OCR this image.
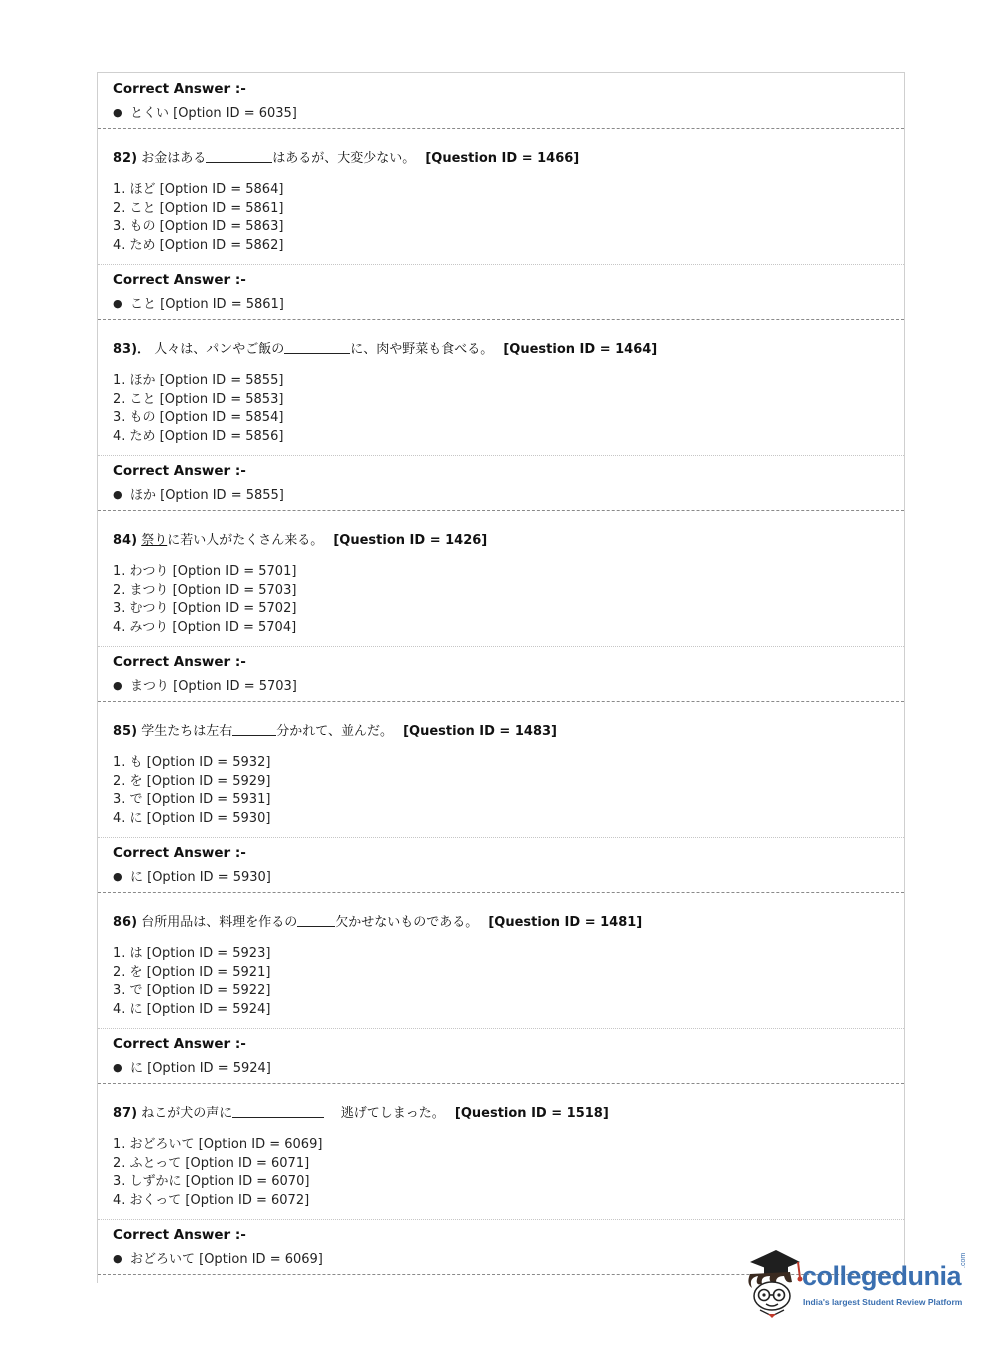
Correct Answer :-
● とくい [Option ID = 6035]
82) お金はある	はあるが、大変少ない。 [Question ID = 1466]
1. ほど [Option ID = 5864]
2. こと [Option ID = 5861]
3. もの [Option ID = 5863]
4. ため [Option ID = 5862]
Correct Answer :-
● こと [Option ID = 5861]
83)． 人々は、パンやご飯の	に、肉や野菜も食べる。 [Question ID = 1464]
1. ほか [Option ID = 5855]
2. こと [Option ID = 5853]
3. もの [Option ID = 5854]
4. ため [Option ID = 5856]
Correct Answer :-
● ほか [Option ID = 5855]
84) 祭りに若い人がたくさん来る。 [Question ID = 1426]
1. わつり [Option ID = 5701]
2. まつり [Option ID = 5703]
3. むつり [Option ID = 5702]
4. みつり [Option ID = 5704]
Correct Answer :-
● まつり [Option ID = 5703]
85) 学生たちは左右	分かれて、並んだ。 [Question ID = 1483]
1. も [Option ID = 5932]
2. を [Option ID = 5929]
3. で [Option ID = 5931]
4. に [Option ID = 5930]
Correct Answer :-
● に [Option ID = 5930]
86) 台所用品は、料理を作るの	欠かせないものである。 [Question ID = 1481]
1. は [Option ID = 5923]
2. を [Option ID = 5921]
3. で [Option ID = 5922]
4. に [Option ID = 5924]
Correct Answer :-
● に [Option ID = 5924]
87) ねこが犬の声に	逃げてしまった。 [Question ID = 1518]
1. おどろいて [Option ID = 6069]
2. ふとって [Option ID = 6071]
3. しずかに [Option ID = 6070]
4. おくって [Option ID = 6072]
Correct Answer :-
● おどろいて [Option ID = 6069]
collegedunia
.com
India's largest Student Review Platform
